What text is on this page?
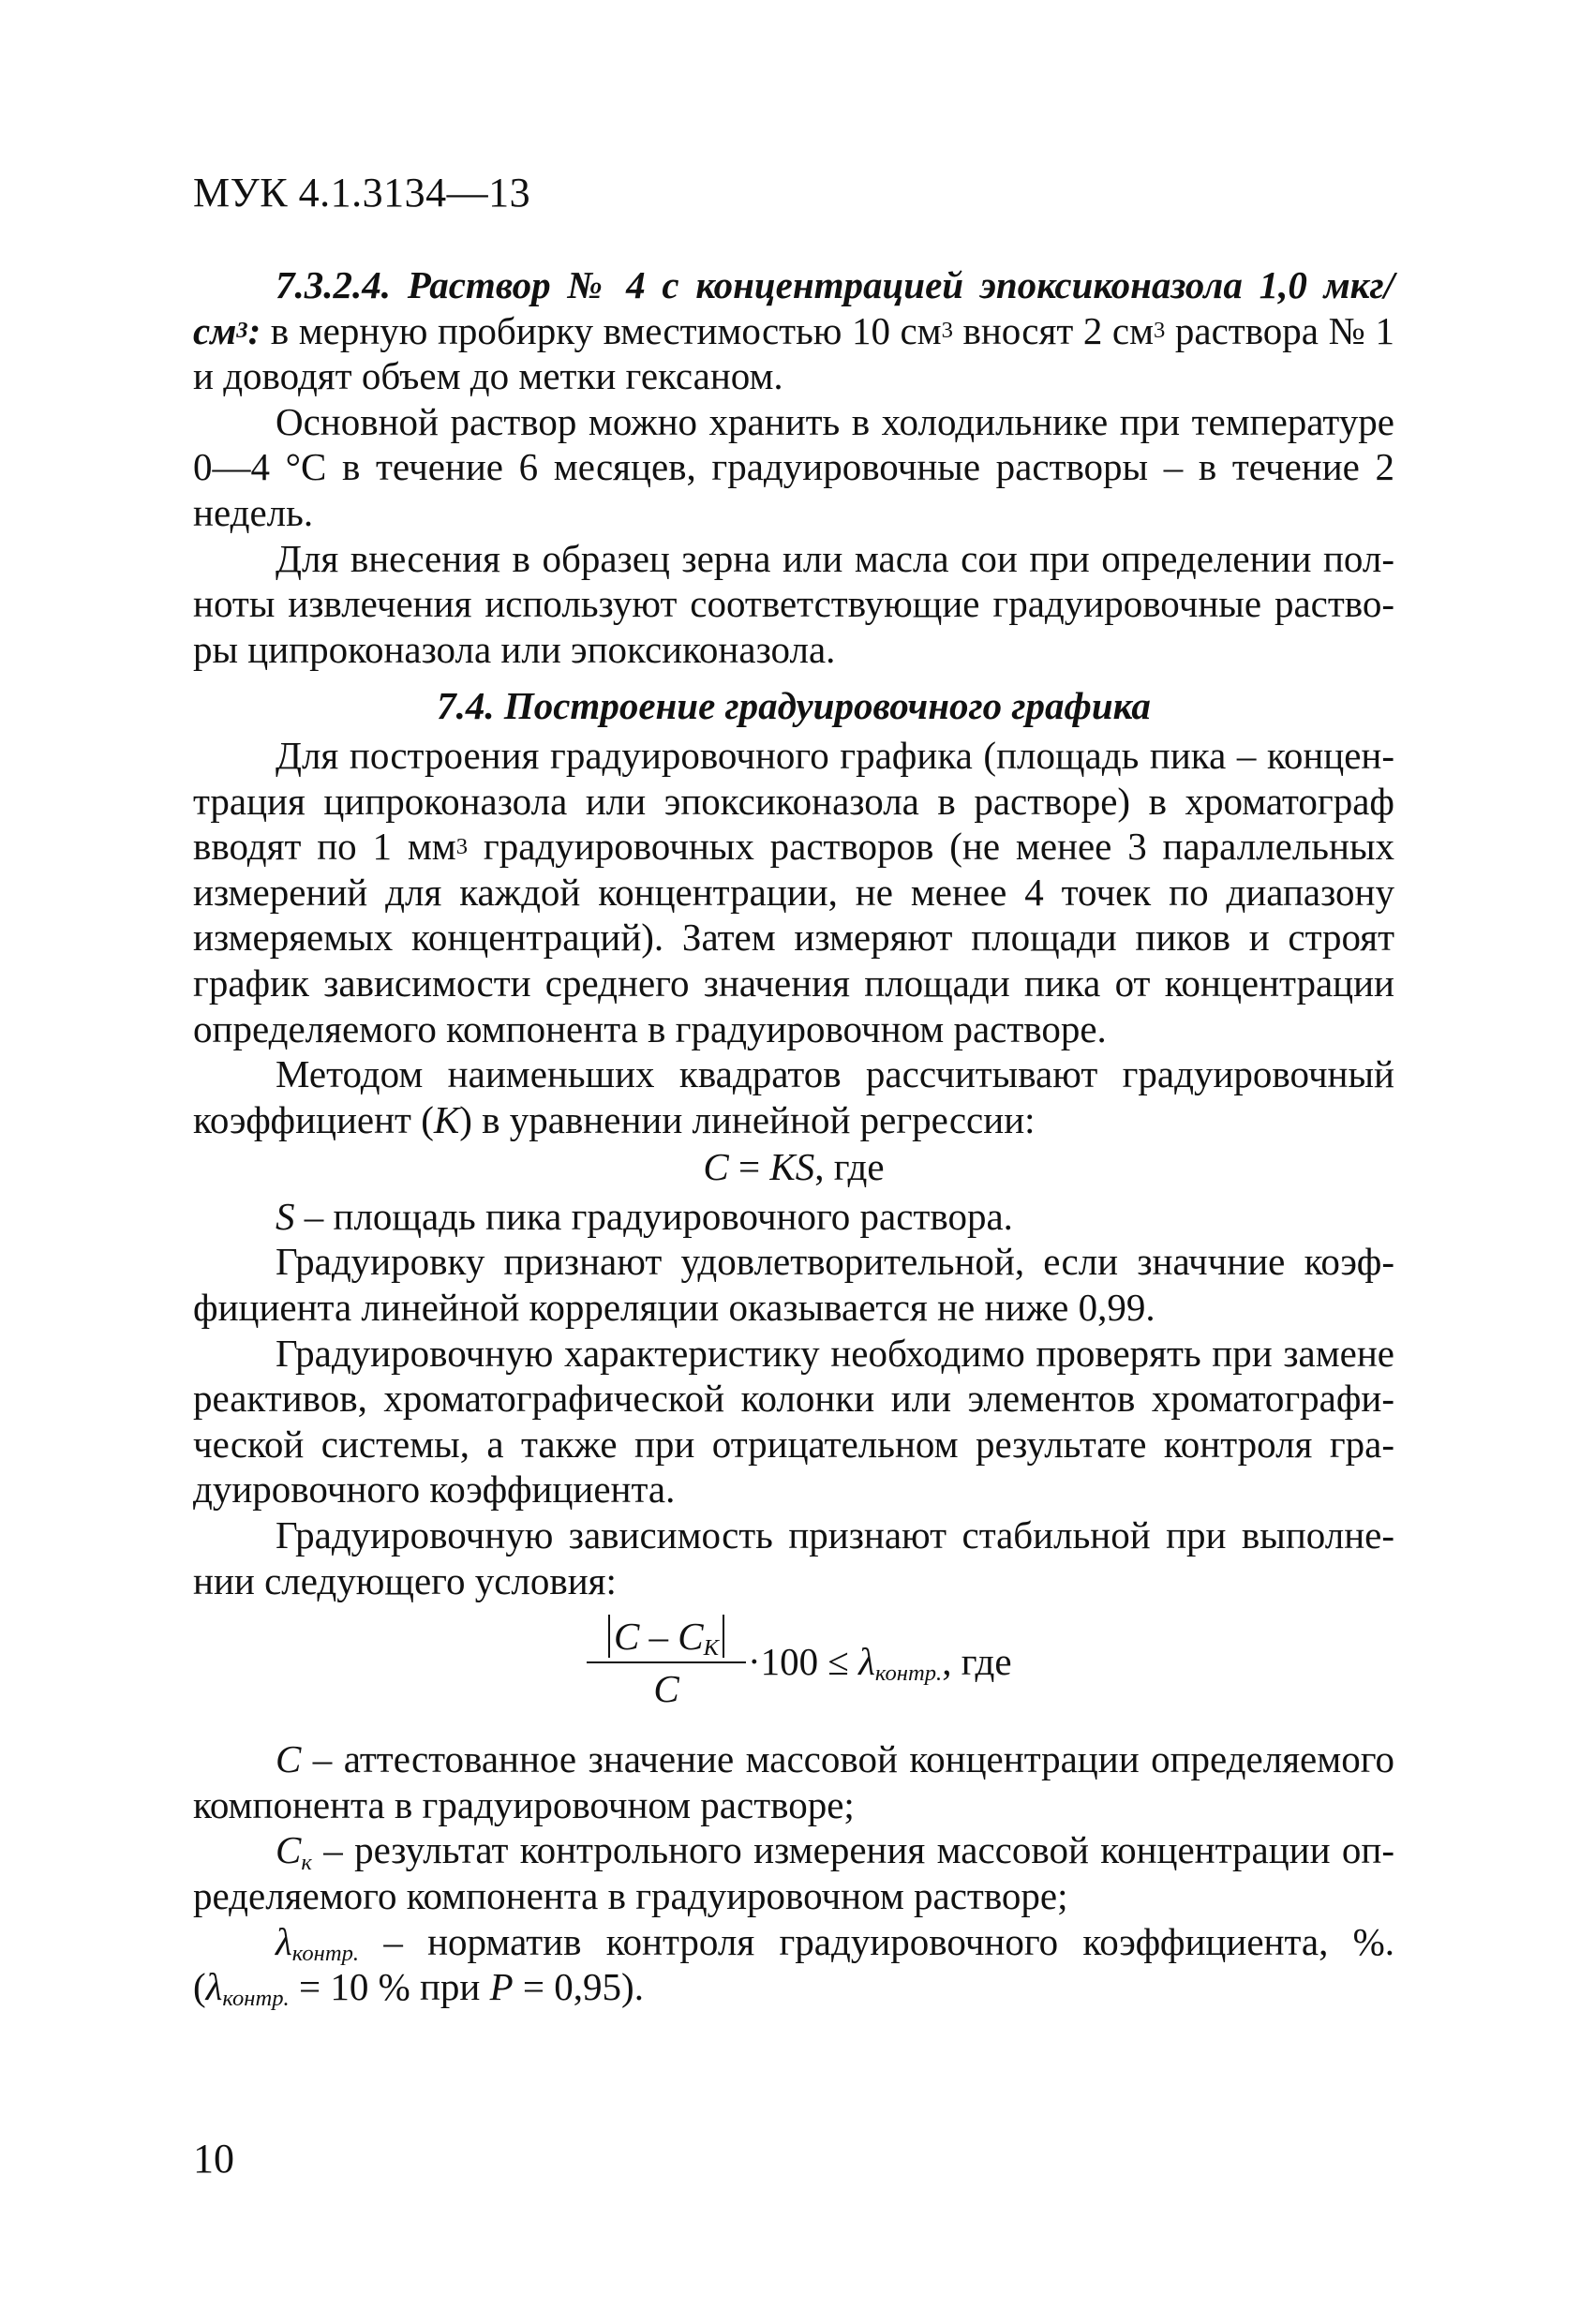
МУК 4.1.3134—13

7.3.2.4. Раствор № 4 с концентрацией эпоксиконазола 1,0 мкг/$см^3$: в мерную пробирку вместимостью 10 $см^3$ вносят 2 $см^3$ раствора № 1 и доводят объем до метки гексаном.

Основной раствор можно хранить в холодильнике при температуре 0—4 °С в течение 6 месяцев, градуировочные растворы – в течение 2 недель.

Для внесения в образец зерна или масла сои при определении полноты извлечения используют соответствующие градуировочные растворы ципроконазола или эпоксиконазола.

7.4. Построение градуировочного графика

Для построения градуировочного графика (площадь пика – концентрация ципроконазола или эпоксиконазола в растворе) в хроматограф вводят по 1 $мм^3$ градуировочных растворов (не менее 3 параллельных измерений для каждой концентрации, не менее 4 точек по диапазону измеряемых концентраций). Затем измеряют площади пиков и строят график зависимости среднего значения площади пика от концентрации определяемого компонента в градуировочном растворе.

Методом наименьших квадратов рассчитывают градуировочный коэффициент (K) в уравнении линейной регрессии:

C = KS, где

S – площадь пика градуировочного раствора.

Градуировку признают удовлетворительной, если значчние коэффициента линейной корреляции оказывается не ниже 0,99.

Градуировочную характеристику необходимо проверять при замене реактивов, хроматографической колонки или элементов хроматографической системы, а также при отрицательном результате контроля градуировочного коэффициента.

Градуировочную зависимость признают стабильной при выполнении следующего условия:

C – $C_K$
C
$\cdot 100 \le \lambda_{контр.}$, где

C – аттестованное значение массовой концентрации определяемого компонента в градуировочном растворе;

$C_к$ – результат контрольного измерения массовой концентрации определяемого компонента в градуировочном растворе;

$\lambda_{контр.}$ – норматив контроля градуировочного коэффициента, %. ($\lambda_{контр.} = 10$ % при P = 0,95).

10
